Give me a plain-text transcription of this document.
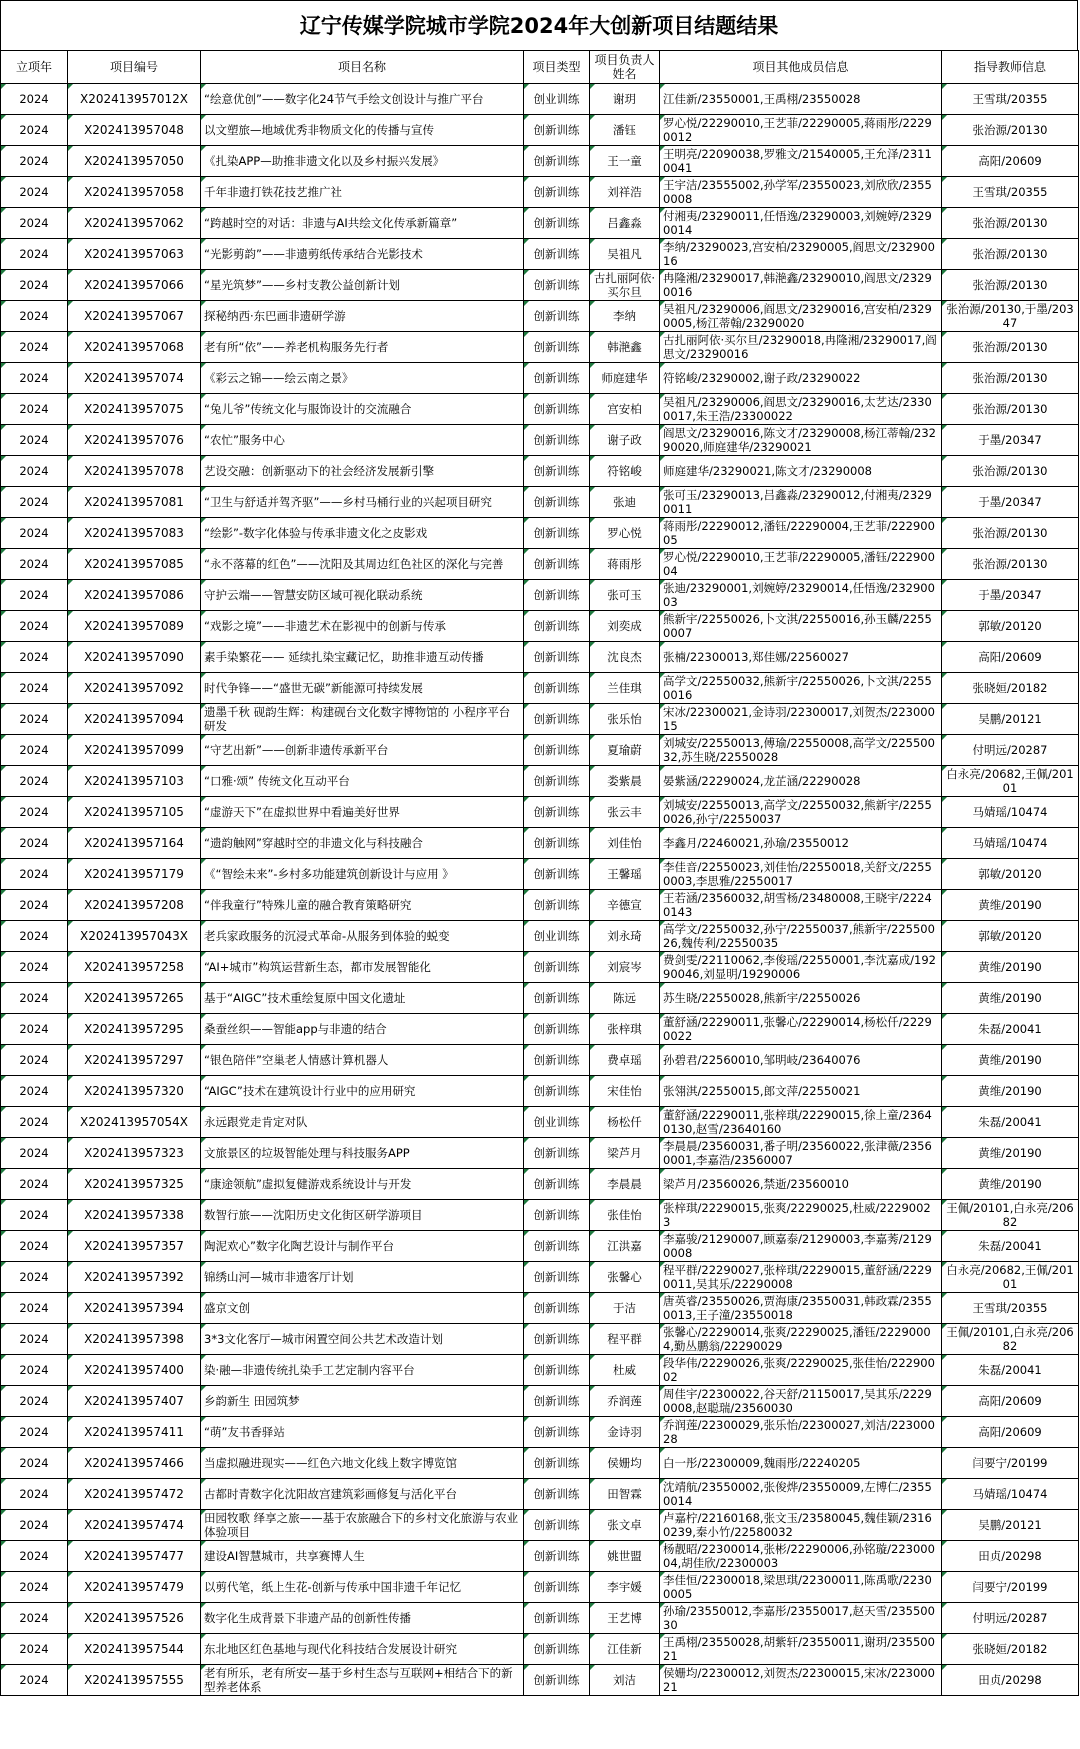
辽宁传媒学院城市学院2024年大创新项目结题结果
立项年	项目编号	项目名称	项目类型	项目负责人姓名	项目其他成员信息	指导教师信息

2024	X202413957012X	“绘意优创”——数字化24节气手绘文创设计与推广平台	创业训练	谢玥	江佳新/23550001,王禹栩/23550028	王雪琪/20355

2024	X202413957048	以文塑旅—地域优秀非物质文化的传播与宣传	创新训练	潘钰	罗心悦/22290010,王艺菲/22290005,蒋雨彤/22290012	张治源/20130

2024	X202413957050	《扎染APP—助推非遗文化以及乡村振兴发展》	创新训练	王一童	王明亮/22090038,罗雅文/21540005,王允泽/23110041	高阳/20609

2024	X202413957058	千年非遗打铁花技艺推广社	创新训练	刘祥浩	王宇洁/23555002,孙学军/23550023,刘欣欣/23550008	王雪琪/20355

2024	X202413957062	“跨越时空的对话：非遗与AI共绘文化传承新篇章”	创新训练	吕鑫淼	付湘夷/23290011,任悟逸/23290003,刘婉婷/23290014	张治源/20130

2024	X202413957063	“光影剪韵”——非遗剪纸传承结合光影技术	创新训练	吴祖凡	李纳/23290023,宫安柏/23290005,阎思文/23290016	张治源/20130

2024	X202413957066	“星光筑梦”——乡村支教公益创新计划	创新训练	古扎丽阿依·买尔旦	冉隆湘/23290017,韩滟鑫/23290010,阎思文/23290016	张治源/20130

2024	X202413957067	探秘纳西·东巴画非遗研学游	创新训练	李纳	吴祖凡/23290006,阎思文/23290016,宫安柏/23290005,杨江蒂翰/23290020	张治源/20130,于墨/20347

2024	X202413957068	老有所“依”——养老机构服务先行者	创新训练	韩滟鑫	古扎丽阿依·买尔旦/23290018,冉隆湘/23290017,阎思文/23290016	张治源/20130

2024	X202413957074	《彩云之锦——绘云南之景》	创新训练	师庭建华	符铭峻/23290002,谢子政/23290022	张治源/20130

2024	X202413957075	“兔儿爷”传统文化与服饰设计的交流融合	创新训练	宫安柏	吴祖凡/23290006,阎思文/23290016,太艺达/23300017,朱王浩/23300022	张治源/20130

2024	X202413957076	“农忙”服务中心	创新训练	谢子政	阎思文/23290016,陈文才/23290008,杨江蒂翰/23290020,师庭建华/23290021	于墨/20347

2024	X202413957078	艺设交融：创新驱动下的社会经济发展新引擎	创新训练	符铭峻	师庭建华/23290021,陈文才/23290008	张治源/20130

2024	X202413957081	“卫生与舒适并驾齐驱”——乡村马桶行业的兴起项目研究	创新训练	张迪	张可玉/23290013,吕鑫淼/23290012,付湘夷/23290011	于墨/20347

2024	X202413957083	“绘影”-数字化体验与传承非遗文化之皮影戏	创新训练	罗心悦	蒋雨彤/22290012,潘钰/22290004,王艺菲/22290005	张治源/20130

2024	X202413957085	“永不落幕的红色”——沈阳及其周边红色社区的深化与完善	创新训练	蒋雨彤	罗心悦/22290010,王艺菲/22290005,潘钰/22290004	张治源/20130

2024	X202413957086	守护云端——智慧安防区域可视化联动系统	创新训练	张可玉	张迪/23290001,刘婉婷/23290014,任悟逸/23290003	于墨/20347

2024	X202413957089	“戏影之境”——非遗艺术在影视中的创新与传承	创新训练	刘奕成	熊新宇/22550026,卜文淇/22550016,孙玉麟/22550007	郭敏/20120

2024	X202413957090	素手染繁花—— 延续扎染宝藏记忆，助推非遗互动传播	创新训练	沈良杰	张楠/22300013,郑佳娜/22560027	高阳/20609

2024	X202413957092	时代争锋——“盛世无碳”新能源可持续发展	创新训练	兰佳琪	高学文/22550032,熊新宇/22550026,卜文淇/22550016	张晓姮/20182

2024	X202413957094	遗墨千秋 砚韵生辉：构建砚台文化数字博物馆的 小程序平台研发	创新训练	张乐怡	宋冰/22300021,金诗羽/22300017,刘贺杰/22300015	吴鹏/20121

2024	X202413957099	“守艺出新”——创新非遗传承新平台	创新训练	夏瑜蔚	刘城安/22550013,傅瑜/22550008,高学文/22550032,苏生晓/22550028	付明远/20287

2024	X202413957103	“口雅·颂” 传统文化互动平台	创新训练	娄紫晨	晏紫涵/22290024,龙芷涵/22290028	白永亮/20682,王佩/20101

2024	X202413957105	“虚游天下”在虚拟世界中看遍美好世界	创新训练	张云丰	刘城安/22550013,高学文/22550032,熊新宇/22550026,孙宁/22550037	马婧瑶/10474

2024	X202413957164	“遗韵触网”穿越时空的非遗文化与科技融合	创新训练	刘佳怡	李鑫月/22460021,孙瑜/23550012	马婧瑶/10474

2024	X202413957179	《“智绘未来”-乡村多功能建筑创新设计与应用 》	创新训练	王馨瑶	李佳音/22550023,刘佳怡/22550018,关舒文/22550003,李思雅/22550017	郭敏/20120

2024	X202413957208	“伴我童行”特殊儿童的融合教育策略研究	创新训练	辛德宣	王若涵/23560032,胡雪杨/23480008,王晓宇/22240143	黄维/20190

2024	X202413957043X	老兵家政服务的沉浸式革命-从服务到体验的蜕变	创业训练	刘永琦	高学文/22550032,孙宁/22550037,熊新宇/22550026,魏传利/22550035	郭敏/20120

2024	X202413957258	“AI+城市”构筑运营新生态，都市发展智能化	创新训练	刘宸岑	费剑雯/22110062,李俊瑶/22550001,李沈嘉成/19290046,刘显明/19290006	黄维/20190

2024	X202413957265	基于“AIGC”技术重绘复原中国文化遗址	创新训练	陈远	苏生晓/22550028,熊新宇/22550026	黄维/20190

2024	X202413957295	桑蚕丝织——智能app与非遗的结合	创新训练	张梓琪	董舒涵/22290011,张馨心/22290014,杨松仟/22290022	朱磊/20041

2024	X202413957297	“银色陪伴”空巢老人情感计算机器人	创新训练	费卓瑶	孙碧君/22560010,邹明岐/23640076	黄维/20190

2024	X202413957320	“AIGC”技术在建筑设计行业中的应用研究	创新训练	宋佳怡	张翎淇/22550015,郎文萍/22550021	黄维/20190

2024	X202413957054X	永远跟党走肯定对队	创业训练	杨松仟	董舒涵/22290011,张梓琪/22290015,徐上童/23640130,赵雪/23640160	朱磊/20041

2024	X202413957323	文旅景区的垃圾智能处理与科技服务APP	创新训练	梁芦月	李晨晨/23560031,番子明/23560022,张津薇/23560001,李嘉浩/23560007	黄维/20190

2024	X202413957325	“康途领航”虚拟复健游戏系统设计与开发	创新训练	李晨晨	梁芦月/23560026,禁逝/23560010	黄维/20190

2024	X202413957338	数智行旅——沈阳历史文化街区研学游项目	创新训练	张佳怡	张梓琪/22290015,张爽/22290025,杜威/22290023	王佩/20101,白永亮/20682

2024	X202413957357	陶泥欢心”数字化陶艺设计与制作平台	创新训练	江洪嘉	李嘉骏/21290007,顾嘉泰/21290003,李嘉莠/21290008	朱磊/20041

2024	X202413957392	锦绣山河—城市非遗客厅计划	创新训练	张馨心	程平群/22290027,张梓琪/22290015,董舒涵/22290011,吴其乐/22290008	白永亮/20682,王佩/20101

2024	X202413957394	盛京文创	创新训练	于洁	唐英睿/23550026,贾海康/23550031,韩政霖/23550013,王子潼/23550018	王雪琪/20355

2024	X202413957398	3*3文化客厅—城市闲置空间公共艺术改造计划	创新训练	程平群	张馨心/22290014,张爽/22290025,潘钰/22290004,勤丛鹏翁/22290029	王佩/20101,白永亮/20682

2024	X202413957400	染·融—非遗传统扎染手工艺定制内容平台	创新训练	杜威	段华伟/22290026,张爽/22290025,张佳怡/22290002	朱磊/20041

2024	X202413957407	乡韵新生 田园筑梦	创新训练	乔润莲	周佳宇/22300022,谷天舒/21150017,吴其乐/22290008,赵聪瑞/23560030	高阳/20609

2024	X202413957411	“萌”友书香驿站	创新训练	金诗羽	乔润莲/22300029,张乐怡/22300027,刘洁/22300028	高阳/20609

2024	X202413957466	当虚拟融进现实——红色六地文化线上数字博览馆	创新训练	侯姗均	白一彤/22300009,魏雨彤/22240205	闫要宁/20199

2024	X202413957472	古都时青数字化沈阳故宫建筑彩画修复与活化平台	创新训练	田智霖	沈靖航/23550002,张俊烨/23550009,左博仁/23550014	马婧瑶/10474

2024	X202413957474	田园牧歌 绎享之旅——基于农旅融合下的乡村文化旅游与农业体验项目	创新训练	张文卓	卢嘉柠/22160168,张文玉/23580045,魏佳颖/23160239,秦小竹/22580032	吴鹏/20121

2024	X202413957477	建设AI智慧城市，共享赛博人生	创新训练	姚世盟	杨靓昭/22300014,张彬/22290006,孙铭璇/22300004,胡佳欣/22300003	田贞/20298

2024	X202413957479	以剪代笔，纸上生花-创新与传承中国非遗千年记忆	创新训练	李宇媛	李佳恒/22300018,梁思琪/22300011,陈禹歌/22300005	闫要宁/20199

2024	X202413957526	数字化生成背景下非遗产品的创新性传播	创新训练	王艺博	孙瑜/23550012,李嘉彤/23550017,赵天雪/23550030	付明远/20287

2024	X202413957544	东北地区红色基地与现代化科技结合发展设计研究	创新训练	江佳新	王禹栩/23550028,胡紫轩/23550011,谢玥/23550021	张晓姮/20182

2024	X202413957555	老有所乐，老有所安—基于乡村生态与互联网+相结合下的新型养老体系	创新训练	刘洁	侯姗均/22300012,刘贺杰/22300015,宋冰/22300021	田贞/20298
